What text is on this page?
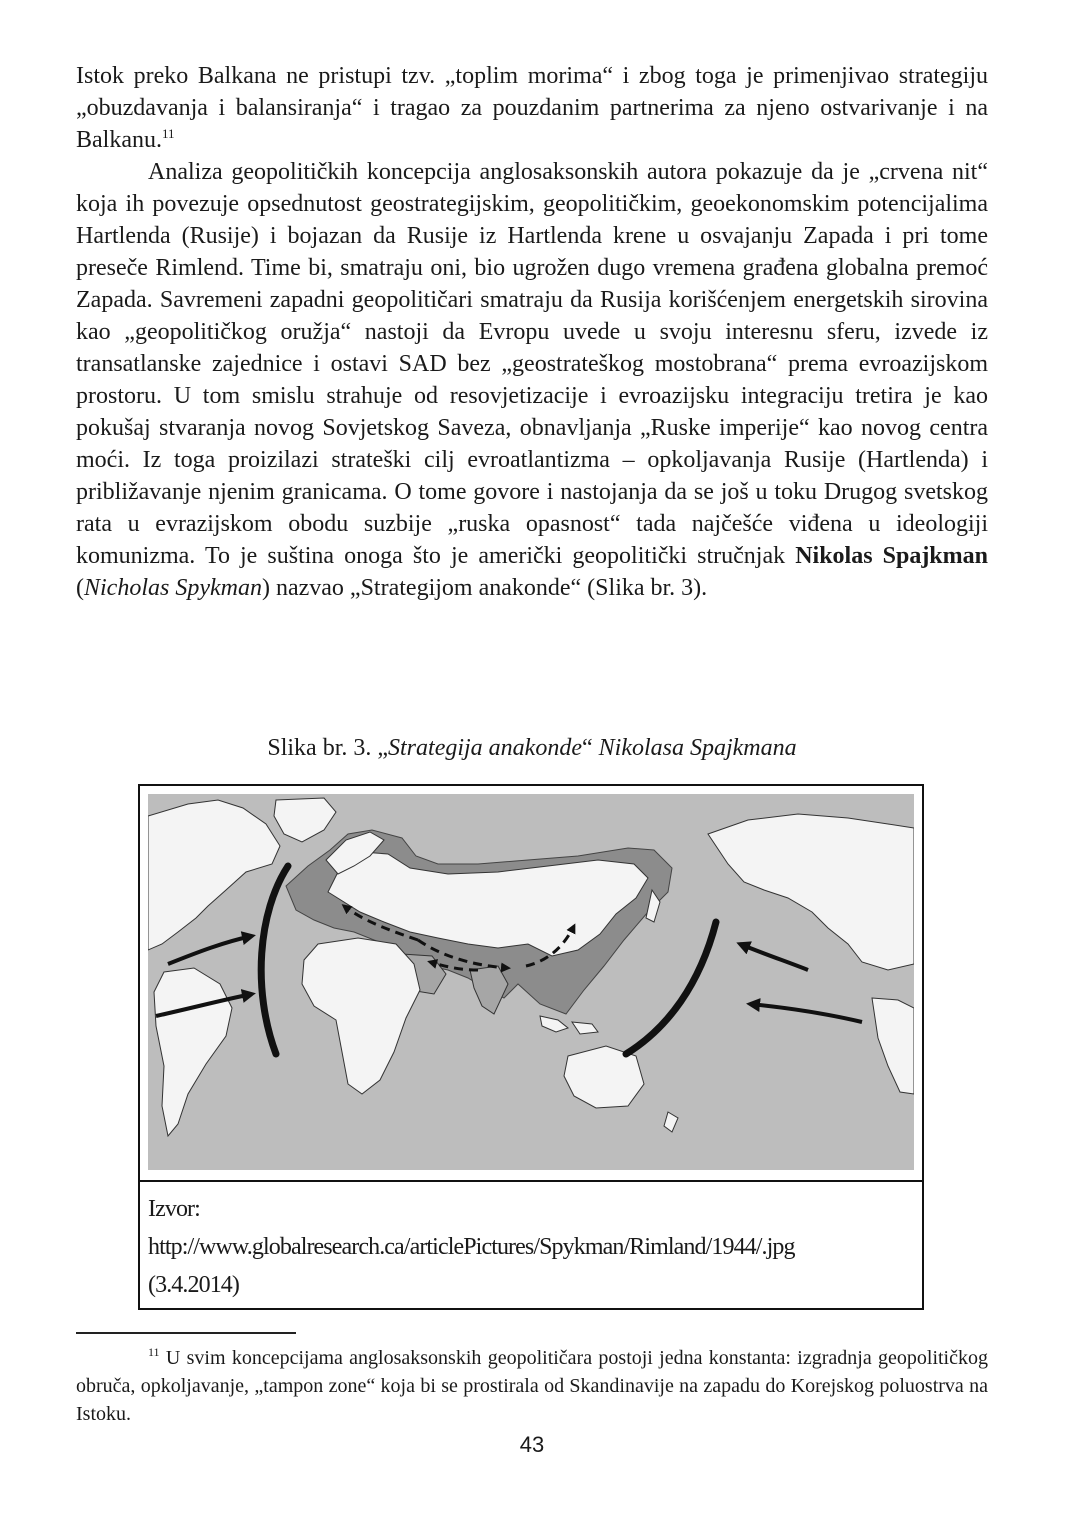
Istok preko Balkana ne pristupi tzv. „toplim morima“ i zbog toga je primenjivao strategiju „obuzdavanja i balansiranja“ i tragao za pouzdanim partnerima za njeno ostvarivanje i na Balkanu.$^{11}$

Analiza geopolitičkih koncepcija anglosaksonskih autora pokazuje da je „crvena nit“ koja ih povezuje opsednutost geostrategijskim, geopolitičkim, geoekonomskim potencijalima Hartlenda (Rusije) i bojazan da Rusije iz Hartlenda krene u osvajanju Zapada i pri tome preseče Rimlend. Time bi, smatraju oni, bio ugrožen dugo vremena građena globalna premoć Zapada. Savremeni zapadni geopolitičari smatraju da Rusija korišćenjem energetskih sirovina kao „geopolitičkog oružja“ nastoji da Evropu uvede u svoju interesnu sferu, izvede iz transatlanske zajednice i ostavi SAD bez „geostrateškog mostobrana“ prema evroazijskom prostoru. U tom smislu strahuje od resovjetizacije i evroazijsku integraciju tretira je kao pokušaj stvaranja novog Sovjetskog Saveza, obnavljanja „Ruske imperije“ kao novog centra moći. Iz toga proizilazi strateški cilj evroatlantizma – opkoljavanja Rusije (Hartlenda) i približavanje njenim granicama. O tome govore i nastojanja da se još u toku Drugog svetskog rata u evrazijskom obodu suzbije „ruska opasnost“ tada najčešće viđena u ideologiji komunizma. To je suština onoga što je američki geopolitički stručnjak Nikolas Spajkman (Nicholas Spykman) nazvao „Strategijom anakonde“ (Slika br. 3).

Slika br. 3. „Strategija anakonde“ Nikolasa Spajkmana
Izvor:
http://www.globalresearch.ca/articlePictures/Spykman/Rimland/1944/.jpg
(3.4.2014)

$^{11}$ U svim koncepcijama anglosaksonskih geopolitičara postoji jedna konstanta: izgradnja geopolitičkog obruča, opkoljavanje, „tampon zone“ koja bi se prostirala od Skandinavije na zapadu do Korejskog poluostrva na Istoku.

43
